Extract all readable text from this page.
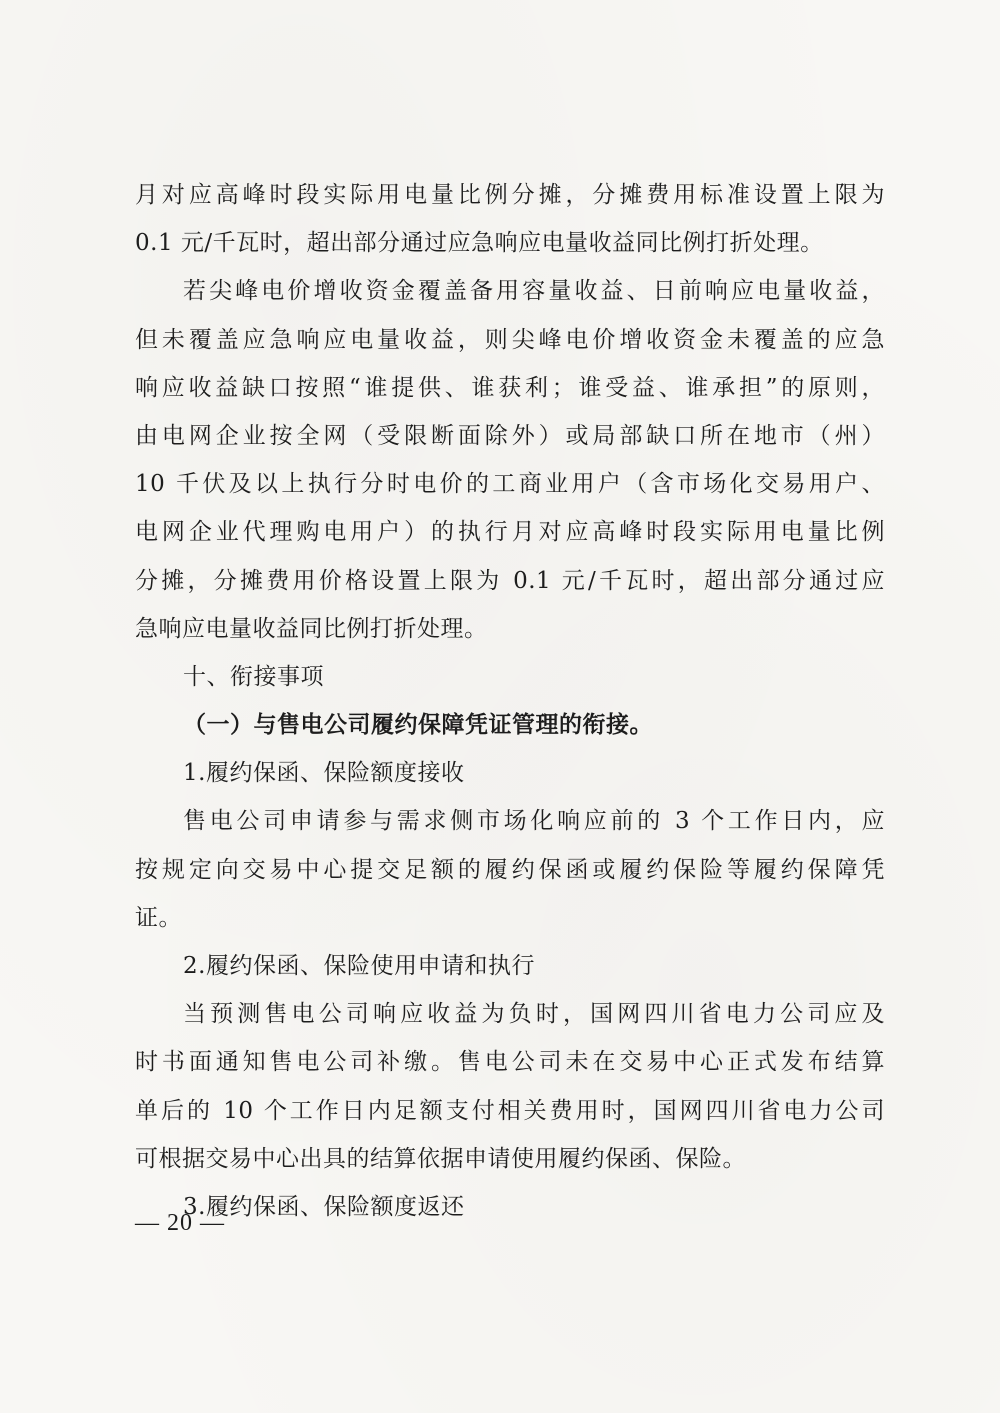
月对应高峰时段实际用电量比例分摊，分摊费用标准设置上限为
0.1 元/千瓦时，超出部分通过应急响应电量收益同比例打折处理。
若尖峰电价增收资金覆盖备用容量收益、日前响应电量收益，
但未覆盖应急响应电量收益，则尖峰电价增收资金未覆盖的应急
响应收益缺口按照“谁提供、谁获利；谁受益、谁承担”的原则，
由电网企业按全网（受限断面除外）或局部缺口所在地市（州）
10 千伏及以上执行分时电价的工商业用户（含市场化交易用户、
电网企业代理购电用户）的执行月对应高峰时段实际用电量比例
分摊，分摊费用价格设置上限为 0.1 元/千瓦时，超出部分通过应
急响应电量收益同比例打折处理。
十、衔接事项
（一）与售电公司履约保障凭证管理的衔接。
1.履约保函、保险额度接收
售电公司申请参与需求侧市场化响应前的 3 个工作日内，应
按规定向交易中心提交足额的履约保函或履约保险等履约保障凭
证。
2.履约保函、保险使用申请和执行
当预测售电公司响应收益为负时，国网四川省电力公司应及
时书面通知售电公司补缴。售电公司未在交易中心正式发布结算
单后的 10 个工作日内足额支付相关费用时，国网四川省电力公司
可根据交易中心出具的结算依据申请使用履约保函、保险。
3.履约保函、保险额度返还
— 20 —
